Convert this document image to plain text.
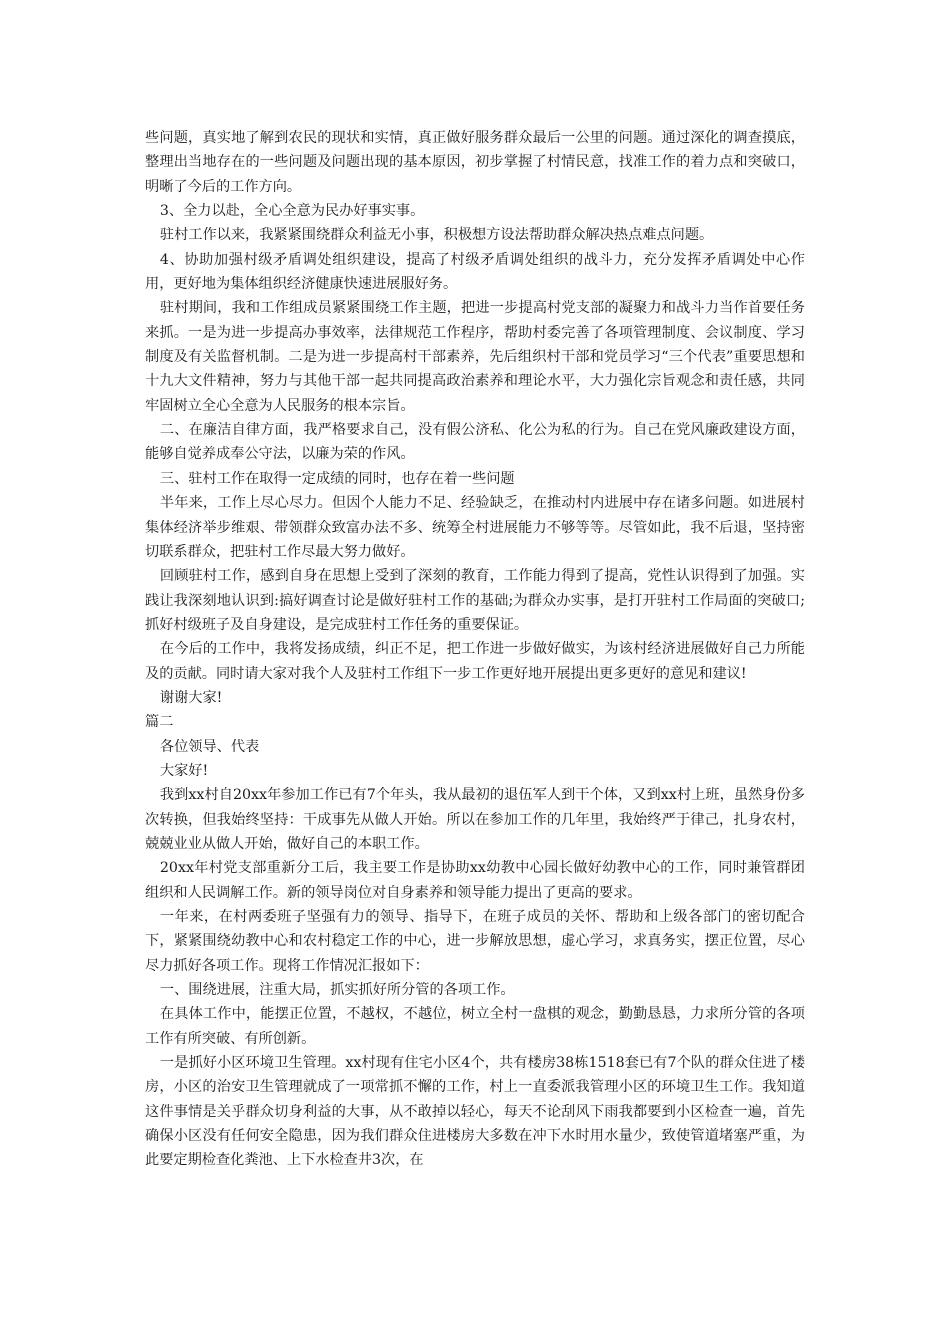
些问题，真实地了解到农民的现状和实情，真正做好服务群众最后一公里的问题。通过深化的调查摸底，整理出当地存在的一些问题及问题出现的基本原因，初步掌握了村情民意，找准工作的着力点和突破口，明晰了今后的工作方向。

3、全力以赴，全心全意为民办好事实事。

驻村工作以来，我紧紧围绕群众利益无小事，积极想方设法帮助群众解决热点难点问题。

4、协助加强村级矛盾调处组织建设，提高了村级矛盾调处组织的战斗力，充分发挥矛盾调处中心作用，更好地为集体组织经济健康快速进展服好务。

驻村期间，我和工作组成员紧紧围绕工作主题，把进一步提高村党支部的凝聚力和战斗力当作首要任务来抓。一是为进一步提高办事效率，法律规范工作程序，帮助村委完善了各项管理制度、会议制度、学习制度及有关监督机制。二是为进一步提高村干部素养，先后组织村干部和党员学习“三个代表”重要思想和十九大文件精神，努力与其他干部一起共同提高政治素养和理论水平，大力强化宗旨观念和责任感，共同牢固树立全心全意为人民服务的根本宗旨。

二、在廉洁自律方面，我严格要求自己，没有假公济私、化公为私的行为。自己在党风廉政建设方面，能够自觉养成奉公守法，以廉为荣的作风。

三、驻村工作在取得一定成绩的同时，也存在着一些问题

半年来，工作上尽心尽力。但因个人能力不足、经验缺乏，在推动村内进展中存在诸多问题。如进展村集体经济举步维艰、带领群众致富办法不多、统筹全村进展能力不够等等。尽管如此，我不后退，坚持密切联系群众，把驻村工作尽最大努力做好。

回顾驻村工作，感到自身在思想上受到了深刻的教育，工作能力得到了提高，党性认识得到了加强。实践让我深刻地认识到:搞好调查讨论是做好驻村工作的基础;为群众办实事，是打开驻村工作局面的突破口;抓好村级班子及自身建设，是完成驻村工作任务的重要保证。

在今后的工作中，我将发扬成绩，纠正不足，把工作进一步做好做实，为该村经济进展做好自己力所能及的贡献。同时请大家对我个人及驻村工作组下一步工作更好地开展提出更多更好的意见和建议!

谢谢大家!

篇二

各位领导、代表

大家好!

我到xx村自20xx年参加工作已有7个年头，我从最初的退伍军人到干个体，又到xx村上班，虽然身份多次转换，但我始终坚持：干成事先从做人开始。所以在参加工作的几年里，我始终严于律己，扎身农村，兢兢业业从做人开始，做好自己的本职工作。

20xx年村党支部重新分工后，我主要工作是协助xx幼教中心园长做好幼教中心的工作，同时兼管群团组织和人民调解工作。新的领导岗位对自身素养和领导能力提出了更高的要求。

一年来，在村两委班子坚强有力的领导、指导下，在班子成员的关怀、帮助和上级各部门的密切配合下，紧紧围绕幼教中心和农村稳定工作的中心，进一步解放思想，虚心学习，求真务实，摆正位置，尽心尽力抓好各项工作。现将工作情况汇报如下：

一、围绕进展，注重大局，抓实抓好所分管的各项工作。

在具体工作中，能摆正位置，不越权，不越位，树立全村一盘棋的观念，勤勤恳恳，力求所分管的各项工作有所突破、有所创新。

一是抓好小区环境卫生管理。xx村现有住宅小区4个，共有楼房38栋1518套已有7个队的群众住进了楼房，小区的治安卫生管理就成了一项常抓不懈的工作，村上一直委派我管理小区的环境卫生工作。我知道这件事情是关乎群众切身利益的大事，从不敢掉以轻心，每天不论刮风下雨我都要到小区检查一遍，首先确保小区没有任何安全隐患，因为我们群众住进楼房大多数在冲下水时用水量少，致使管道堵塞严重，为此要定期检查化粪池、上下水检查井3次，在
